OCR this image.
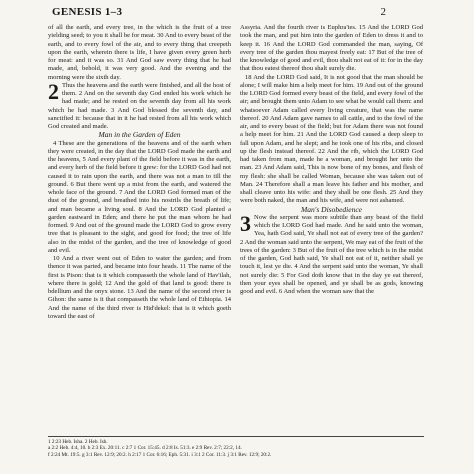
GENESIS 1–3	2

of all the earth, and every tree, in the which is the fruit of a tree yielding seed; to you it shall be for meat. 30 And to every beast of the earth, and to every fowl of the air, and to every thing that creepeth upon the earth, wherein there is life, I have given every green herb for meat: and it was so. 31 And God saw every thing that he had made, and, behold, it was very good. And the evening and the morning were the sixth day.

2 Thus the heavens and the earth were finished, and all the host of them. 2 And on the seventh day God ended his work which he had made; and he rested on the seventh day from all his work which he had made. 3 And God blessed the seventh day, and sanctified it: because that in it he had rested from all his work which God created and made.

Man in the Garden of Eden

4 These are the generations of the heavens and of the earth when they were created, in the day that the LORD God made the earth and the heavens, 5 And every plant of the field before it was in the earth, and every herb of the field before it grew: for the LORD God had not caused it to rain upon the earth, and there was not a man to till the ground. 6 But there went up a mist from the earth, and watered the whole face of the ground. 7 And the LORD God formed man of the dust of the ground, and breathed into his nostrils the breath of life; and man became a living soul. 8 And the LORD God planted a garden eastward in Eden; and there he put the man whom he had formed. 9 And out of the ground made the LORD God to grow every tree that is pleasant to the sight, and good for food; the tree of life also in the midst of the garden, and the tree of knowledge of good and evil.

10 And a river went out of Eden to water the garden; and from thence it was parted, and became into four heads. 11 The name of the first is Pison: that is it which compasseth the whole land of Hav'ilah, where there is gold; 12 And the gold of that land is good: there is bdellium and the onyx stone. 13 And the name of the second river is Gihon: the same is it that compasseth the whole land of Ethiopia. 14 And the name of the third river is Hid'dekel: that is it which goeth toward the east of

Assyria. And the fourth river is Euphra'tes. 15 And the LORD God took the man, and put him into the garden of Eden to dress it and to keep it. 16 And the LORD God commanded the man, saying, Of every tree of the garden thou mayest freely eat: 17 But of the tree of the knowledge of good and evil, thou shalt not eat of it: for in the day that thou eatest thereof thou shalt surely die.

18 And the LORD God said, It is not good that the man should be alone; I will make him a help meet for him. 19 And out of the ground the LORD God formed every beast of the field, and every fowl of the air; and brought them unto Adam to see what he would call them: and whatsoever Adam called every living creature, that was the name thereof. 20 And Adam gave names to all cattle, and to the fowl of the air, and to every beast of the field; but for Adam there was not found a help meet for him. 21 And the LORD God caused a deep sleep to fall upon Adam, and he slept; and he took one of his ribs, and closed up the flesh instead thereof. 22 And the rib, which the LORD God had taken from man, made he a woman, and brought her unto the man. 23 And Adam said, This is now bone of my bones, and flesh of my flesh: she shall be called Woman, because she was taken out of Man. 24 Therefore shall a man leave his father and his mother, and shall cleave unto his wife: and they shall be one flesh. 25 And they were both naked, the man and his wife, and were not ashamed.

Man's Disobedience

3 Now the serpent was more subtile than any beast of the field which the LORD God had made. And he said unto the woman, Yea, hath God said, Ye shall not eat of every tree of the garden? 2 And the woman said unto the serpent, We may eat of the fruit of the trees of the garden: 3 But of the fruit of the tree which is in the midst of the garden, God hath said, Ye shall not eat of it, neither shall ye touch it, lest ye die. 4 And the serpent said unto the woman, Ye shall not surely die: 5 For God doth know that in the day ye eat thereof, then your eyes shall be opened, and ye shall be as gods, knowing good and evil. 6 And when the woman saw that the
1 2:23 Heb. Isha. 2 Heb. Ish.
a 2:2 Heb. 4:4, 10. b 2:3 Ex. 20:11. c 2:7 1 Cor. 15:45. d 2:8 Is. 51:3. e 2:9 Rev. 2:7; 22:2, 14.
f 2:24 Mt. 19:5. g 3:1 Rev. 12:9; 20:2. h 2:17 1 Cor. 6:16; Eph. 5:31. i 3:1 2 Cor. 11:3. j 3:1 Rev. 12:9; 20:2.
